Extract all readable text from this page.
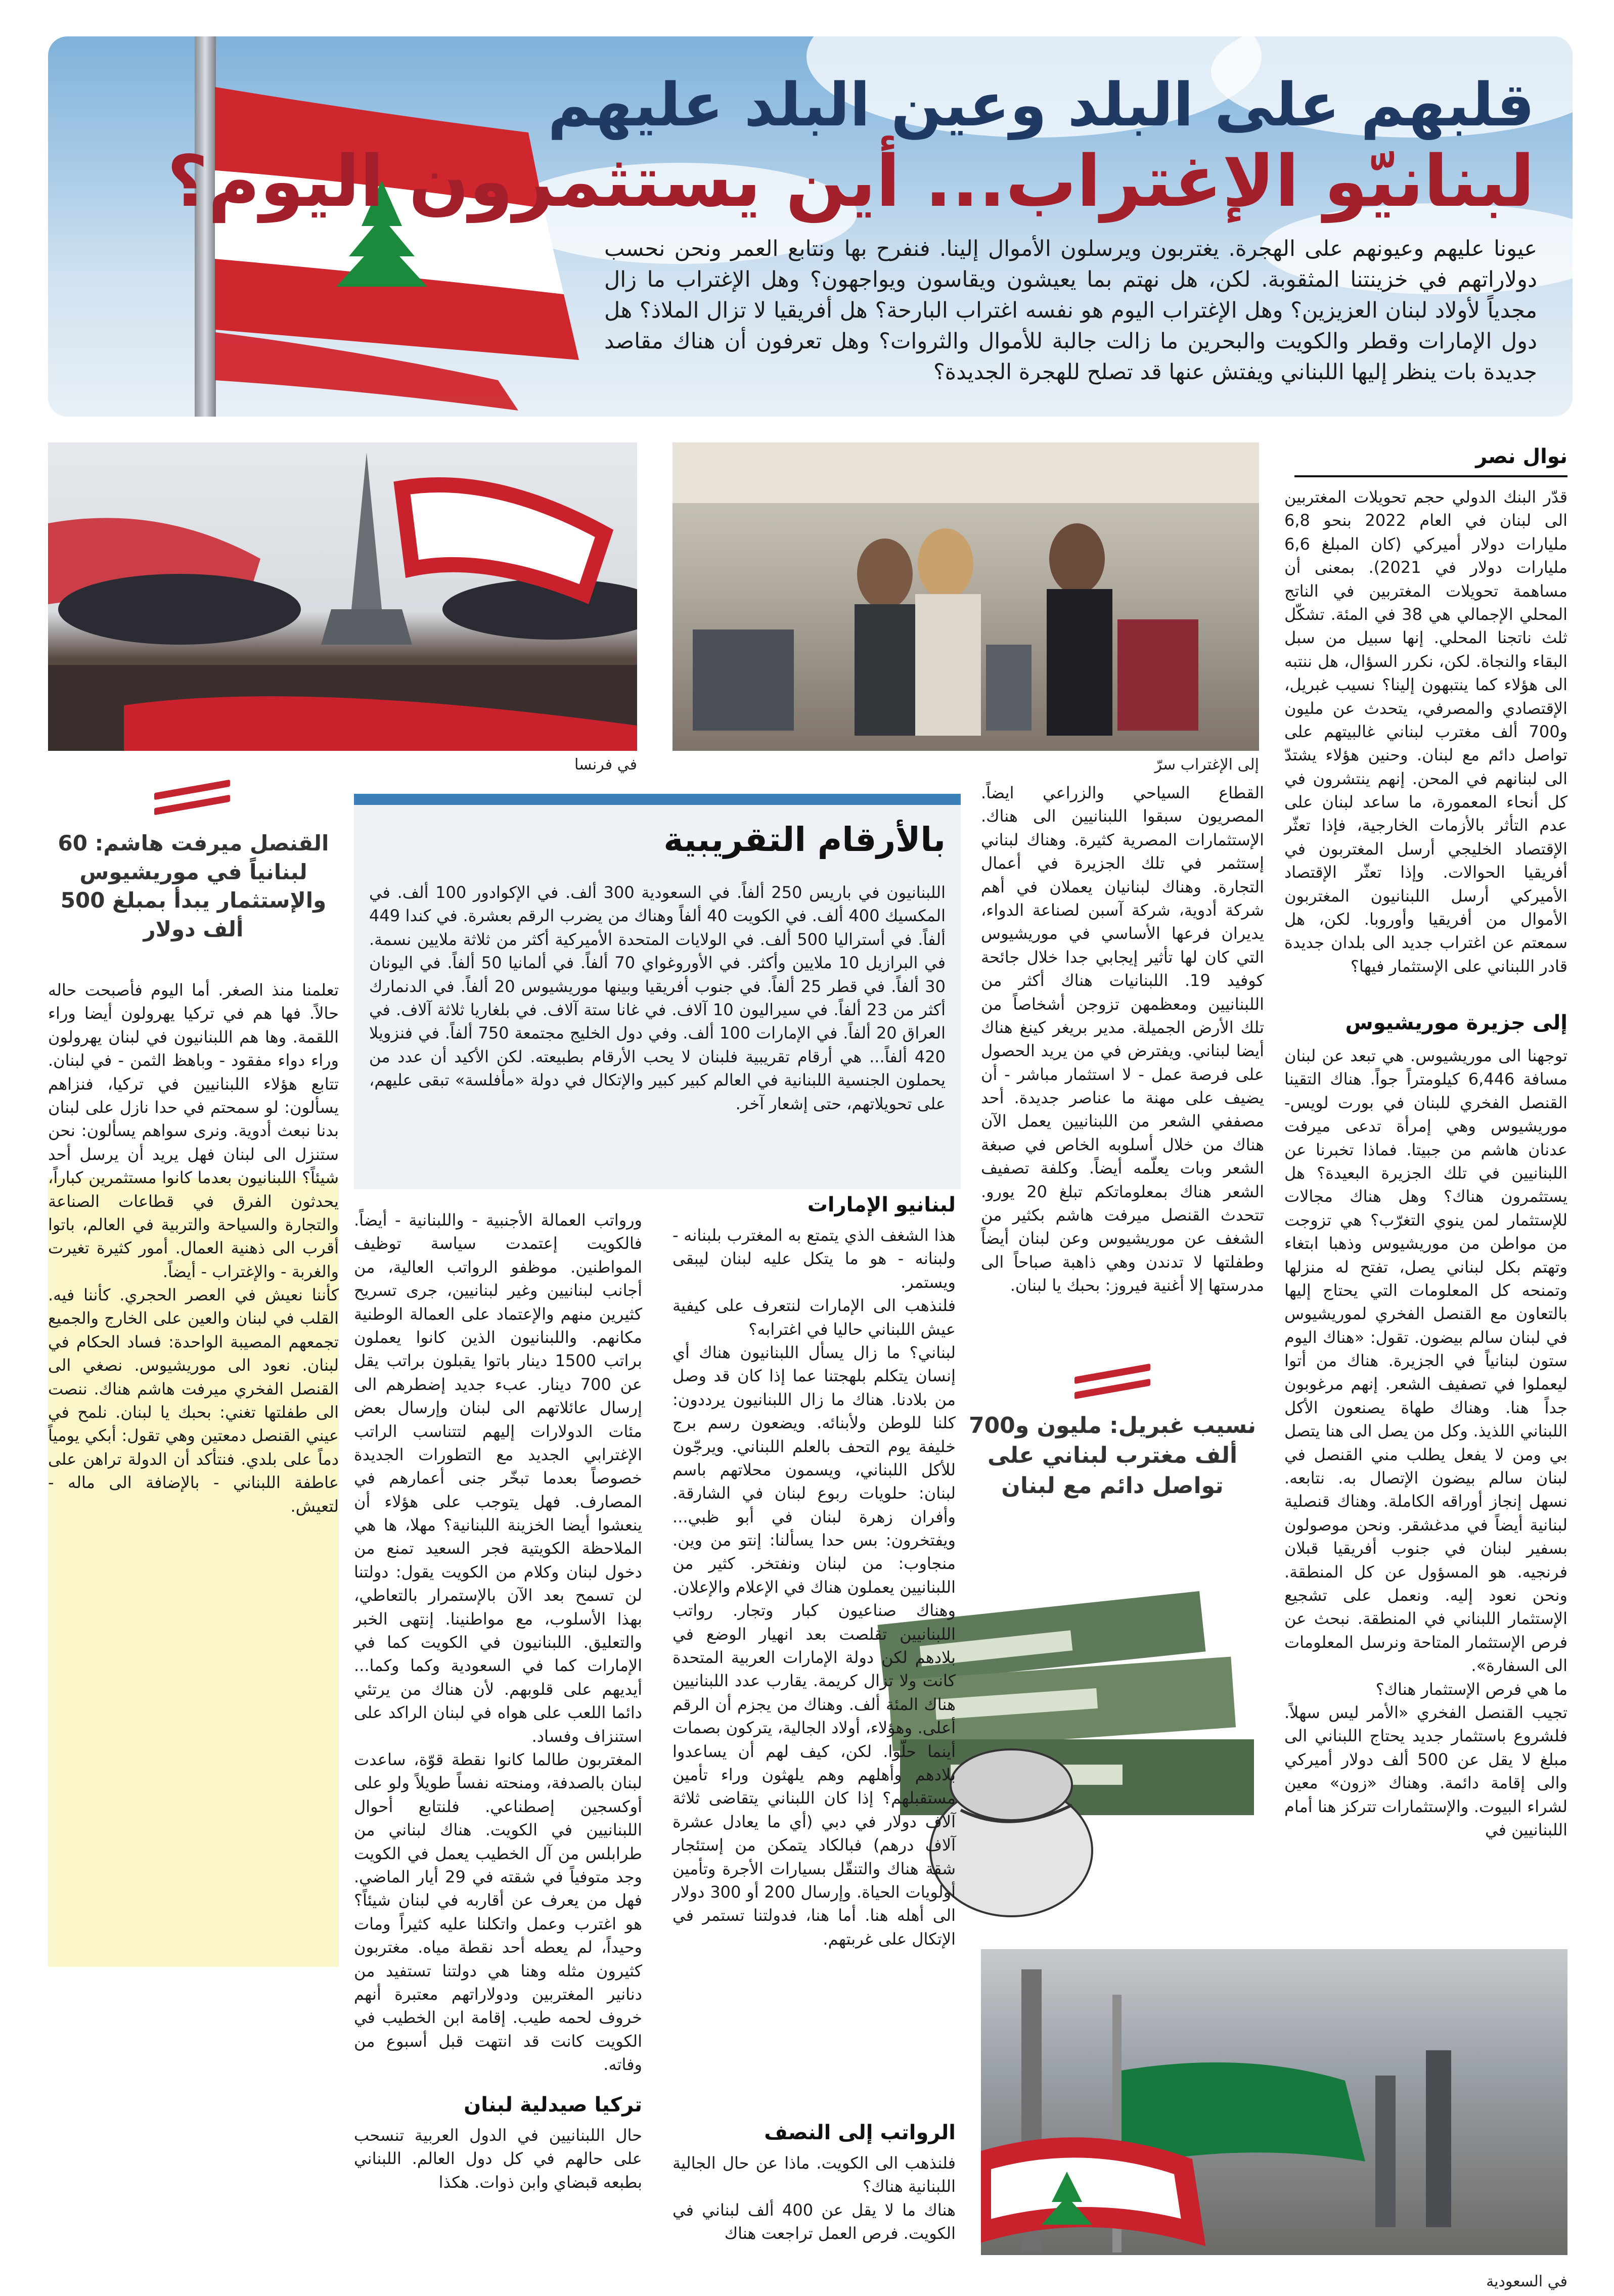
قلبهم على البلد وعين البلد عليهم
لبنانيّو الإغتراب... أين يستثمرون اليوم؟
عيونا عليهم وعيونهم على الهجرة. يغتربون ويرسلون الأموال إلينا. فنفرح بها ونتابع العمر ونحن نحسب دولاراتهم في خزينتنا المثقوبة. لكن، هل نهتم بما يعيشون ويقاسون ويواجهون؟ وهل الإغتراب ما زال مجدياً لأولاد لبنان العزيزين؟ وهل الإغتراب اليوم هو نفسه اغتراب البارحة؟ هل أفريقيا لا تزال الملاذ؟ هل دول الإمارات وقطر والكويت والبحرين ما زالت جالبة للأموال والثروات؟ وهل تعرفون أن هناك مقاصد جديدة بات ينظر إليها اللبناني ويفتش عنها قد تصلح للهجرة الجديدة؟
في فرنسا	إلى الإغتراب سرّ
نوال نصر
قدّر البنك الدولي حجم تحويلات المغتربين الى لبنان في العام 2022 بنحو 6,8 مليارات دولار أميركي (كان المبلغ 6,6 مليارات دولار في 2021). بمعنى أن مساهمة تحويلات المغتربين في الناتج المحلي الإجمالي هي 38 في المئة. تشكّل ثلث ناتجنا المحلي. إنها سبيل من سبل البقاء والنجاة. لكن، نكرر السؤال، هل ننتبه الى هؤلاء كما ينتبهون إلينا؟ نسيب غبريل، الإقتصادي والمصرفي، يتحدث عن مليون و700 ألف مغترب لبناني غالبيتهم على تواصل دائم مع لبنان. وحنين هؤلاء يشتدّ الى لبنانهم في المحن. إنهم ينتشرون في كل أنحاء المعمورة، ما ساعد لبنان على عدم التأثر بالأزمات الخارجية، فإذا تعثّر الإقتصاد الخليجي أرسل المغتربون في أفريقيا الحوالات. وإذا تعثّر الإقتصاد الأميركي أرسل اللبنانيون المغتربون الأموال من أفريقيا وأوروبا. لكن، هل سمعتم عن اغتراب جديد الى بلدان جديدة قادر اللبناني على الإستثمار فيها؟
إلى جزيرة موريشيوس
توجهنا الى موريشيوس. هي تبعد عن لبنان مسافة 6,446 كيلومتراً جواً. هناك التقينا القنصل الفخري للبنان في بورت لويس- موريشيوس وهي إمرأة تدعى ميرفت عدنان هاشم من جبيتا. فماذا تخبرنا عن اللبنانيين في تلك الجزيرة البعيدة؟ هل يستثمرون هناك؟ وهل هناك مجالات للإستثمار لمن ينوي التغرّب؟ هي تزوجت من مواطن من موريشيوس وذهبا ابتغاء وتهتم بكل لبناني يصل، تفتح له منزلها وتمنحه كل المعلومات التي يحتاج إليها بالتعاون مع القنصل الفخري لموريشيوس في لبنان سالم بيضون. تقول: «هناك اليوم ستون لبنانياً في الجزيرة. هناك من أتوا ليعملوا في تصفيف الشعر. إنهم مرغوبون جداً هنا. وهناك طهاة يصنعون الأكل اللبناني اللذيذ. وكل من يصل الى هنا يتصل بي ومن لا يفعل يطلب مني القنصل في لبنان سالم بيضون الإتصال به. نتابعه. نسهل إنجاز أوراقه الكاملة. وهناك قنصلية لبنانية أيضاً في مدغشقر. ونحن موصولون بسفير لبنان في جنوب أفريقيا قبلان فرنجيه. هو المسؤول عن كل المنطقة. ونحن نعود إليه. ونعمل على تشجيع الإستثمار اللبناني في المنطقة. نبحث عن فرص الإستثمار المتاحة ونرسل المعلومات الى السفارة».
ما هي فرص الإستثمار هناك؟
تجيب القنصل الفخري «الأمر ليس سهلاً. فلشروع باستثمار جديد يحتاج اللبناني الى مبلغ لا يقل عن 500 ألف دولار أميركي والى إقامة دائمة. وهناك «زون» معين لشراء البيوت. والإستثمارات تتركز هنا أمام اللبنانيين في
القطاع السياحي والزراعي ايضاً. المصريون سبقوا اللبنانيين الى هناك. الإستثمارات المصرية كثيرة. وهناك لبناني إستثمر في تلك الجزيرة في أعمال التجارة. وهناك لبنانيان يعملان في أهم شركة أدوية، شركة آسبن لصناعة الدواء، يديران فرعها الأساسي في موريشيوس التي كان لها تأثير إيجابي جدا خلال جائحة كوفيد 19. اللبنانيات هناك أكثر من اللبنانيين ومعظمهن تزوجن أشخاصاً من تلك الأرض الجميلة. مدير بريغر كينغ هناك أيضا لبناني. ويفترض في من يريد الحصول على فرصة عمل - لا استثمار مباشر - أن يضيف على مهنة ما عناصر جديدة. أحد مصففي الشعر من اللبنانيين يعمل الآن هناك من خلال أسلوبه الخاص في صبغة الشعر وبات يعلّمه أيضاً. وكلفة تصفيف الشعر هناك بمعلوماتكم تبلغ 20 يورو. تتحدث القنصل ميرفت هاشم بكثير من الشغف عن موريشيوس وعن لبنان أيضاً وطفلتها لا تدندن وهي ذاهبة صباحاً الى مدرستها إلا أغنية فيروز: بحبك يا لبنان.
نسيب غبريل: مليون و700 ألف مغترب لبناني على تواصل دائم مع لبنان
في السعودية
لبنانيو الإمارات
هذا الشغف الذي يتمتع به المغترب بلبنانه - ولبنانه - هو ما يتكل عليه لبنان ليبقى ويستمر.
فلنذهب الى الإمارات لنتعرف على كيفية عيش اللبناني حاليا في اغترابه؟
لبناني؟ ما زال يسأل اللبنانيون هناك أي إنسان يتكلم بلهجتنا عما إذا كان قد وصل من بلادنا. هناك ما زال اللبنانيون يرددون: كلنا للوطن ولأبنائه. ويضعون رسم برج خليفة يوم التحف بالعلم اللبناني. ويرجّون للأكل اللبناني، ويسمون محلاتهم باسم لبنان: حلويات ربوع لبنان في الشارقة. وأفران زهرة لبنان في أبو ظبي... ويفتخرون: بس حدا يسألنا: إنتو من وين. منجاوب: من لبنان ونفتخر. كثير من اللبنانيين يعملون هناك في الإعلام والإعلان. وهناك صناعيون كبار وتجار. رواتب اللبنانيين تقلصت بعد انهيار الوضع في بلادهم لكن دولة الإمارات العربية المتحدة كانت ولا تزال كريمة. يقارب عدد اللبنانيين هناك المئة ألف. وهناك من يجزم أن الرقم أعلى. وهؤلاء، أولاد الجالية، يتركون بصمات أينما حلّوا. لكن، كيف لهم أن يساعدوا بلادهم وأهلهم وهم يلهثون وراء تأمين مستقبلهم؟ إذا كان اللبناني يتقاضى ثلاثة آلاف دولار في دبي (أي ما يعادل عشرة آلاف درهم) فبالكاد يتمكن من إستئجار شقة هناك والتنقّل بسيارات الأجرة وتأمين أولويات الحياة. وإرسال 200 أو 300 دولار الى أهله هنا. أما هنا، فدولتنا تستمر في الإتكال على غربتهم.
الرواتب إلى النصف
فلنذهب الى الكويت. ماذا عن حال الجالية اللبنانية هناك؟
هناك ما لا يقل عن 400 ألف لبناني في الكويت. فرص العمل تراجعت هناك
بالأرقام التقريبية
اللبنانيون في باريس 250 ألفاً. في السعودية 300 ألف. في الإكوادور 100 ألف. في المكسيك 400 ألف. في الكويت 40 ألفاً وهناك من يضرب الرقم بعشرة. في كندا 449 ألفاً. في أستراليا 500 ألف. في الولايات المتحدة الأميركية أكثر من ثلاثة ملايين نسمة. في البرازيل 10 ملايين وأكثر. في الأوروغواي 70 ألفاً. في ألمانيا 50 ألفاً. في اليونان 30 ألفاً. في قطر 25 ألفاً. في جنوب أفريقيا وبينها موريشيوس 20 ألفاً. في الدنمارك أكثر من 23 ألفاً. في سيراليون 10 آلاف. في غانا ستة آلاف. في بلغاريا ثلاثة آلاف. في العراق 20 ألفاً. في الإمارات 100 ألف. وفي دول الخليج مجتمعة 750 ألفاً. في فنزويلا 420 ألفاً... هي أرقام تقريبية فلبنان لا يحب الأرقام بطبيعته. لكن الأكيد أن عدد من يحملون الجنسية اللبنانية في العالم كبير كبير والإتكال في دولة «مأفلسة» تبقى عليهم، على تحويلاتهم، حتى إشعار آخر.
ورواتب العمالة الأجنبية - واللبنانية - أيضاً. فالكويت إعتمدت سياسة توظيف المواطنين. موظفو الرواتب العالية، من أجانب لبنانيين وغير لبنانيين، جرى تسريح كثيرين منهم والإعتماد على العمالة الوطنية مكانهم. واللبنانيون الذين كانوا يعملون براتب 1500 دينار باتوا يقبلون براتب يقل عن 700 دينار. عبء جديد إضطرهم الى إرسال عائلاتهم الى لبنان وإرسال بعض مئات الدولارات إليهم لتتناسب الراتب الإغترابي الجديد مع التطورات الجديدة خصوصاً بعدما تبخّر جنى أعمارهم في المصارف. فهل يتوجب على هؤلاء أن ينعشوا أيضا الخزينة اللبنانية؟ مهلا، ها هي الملاحظة الكويتية فجر السعيد تمنع من دخول لبنان وكلام من الكويت يقول: دولتنا لن تسمح بعد الآن بالإستمرار بالتعاطي، بهذا الأسلوب، مع مواطنينا. إنتهى الخبر والتعليق. اللبنانيون في الكويت كما في الإمارات كما في السعودية وكما وكما... أيديهم على قلوبهم. لأن هناك من يرتئي دائما اللعب على هواه في لبنان الراكد على استنزاف وفساد.
المغتربون طالما كانوا نقطة قوّة، ساعدت لبنان بالصدفة، ومنحته نفساً طويلاً ولو على أوكسجين إصطناعي. فلنتابع أحوال اللبنانيين في الكويت. هناك لبناني من طرابلس من آل الخطيب يعمل في الكويت وجد متوفياً في شقته في 29 أيار الماضي. فهل من يعرف عن أقاربه في لبنان شيئاً؟ هو اغترب وعمل واتكلنا عليه كثيراً ومات وحيداً، لم يعطه أحد نقطة مياه. مغتربون كثيرون مثله وهنا هي دولتنا تستفيد من دنانير المغتربين ودولاراتهم معتبرة أنهم خروف لحمه طيب. إقامة ابن الخطيب في الكويت كانت قد انتهت قبل أسبوع من وفاته.
تركيا صيدلية لبنان
حال اللبنانيين في الدول العربية تنسحب على حالهم في كل دول العالم. اللبناني بطبعه قبضاي وابن ذوات. هكذا
القنصل ميرفت هاشم: 60 لبنانياً في موريشيوس والإستثمار يبدأ بمبلغ 500 ألف دولار
تعلمنا منذ الصغر. أما اليوم فأصبحت حاله حالاً. فها هم في تركيا يهرولون أيضا وراء اللقمة. وها هم اللبنانيون في لبنان يهرولون وراء دواء مفقود - وباهظ الثمن - في لبنان. تتابع هؤلاء اللبنانيين في تركيا، فنزاهم يسألون: لو سمحتم في حدا نازل على لبنان بدنا نبعث أدوية. ونرى سواهم يسألون: نحن ستنزل الى لبنان فهل يريد أن يرسل أحد شيئاً؟ اللبنانيون بعدما كانوا مستثمرين كباراً، يحدثون الفرق في قطاعات الصناعة والتجارة والسياحة والتربية في العالم، باتوا أقرب الى ذهنية العمال. أمور كثيرة تغيرت والغربة - والإغتراب - أيضاً.
كأننا نعيش في العصر الحجري. كأننا فيه. القلب في لبنان والعين على الخارج والجميع تجمعهم المصيبة الواحدة: فساد الحكام في لبنان. نعود الى موريشيوس. نصغي الى القنصل الفخري ميرفت هاشم هناك. ننصت الى طفلتها تغني: بحبك يا لبنان. نلمح في عيني القنصل دمعتين وهي تقول: أبكي يومياً دماً على بلدي. فنتأكد أن الدولة تراهن على عاطفة اللبناني - بالإضافة الى ماله - لتعيش.
